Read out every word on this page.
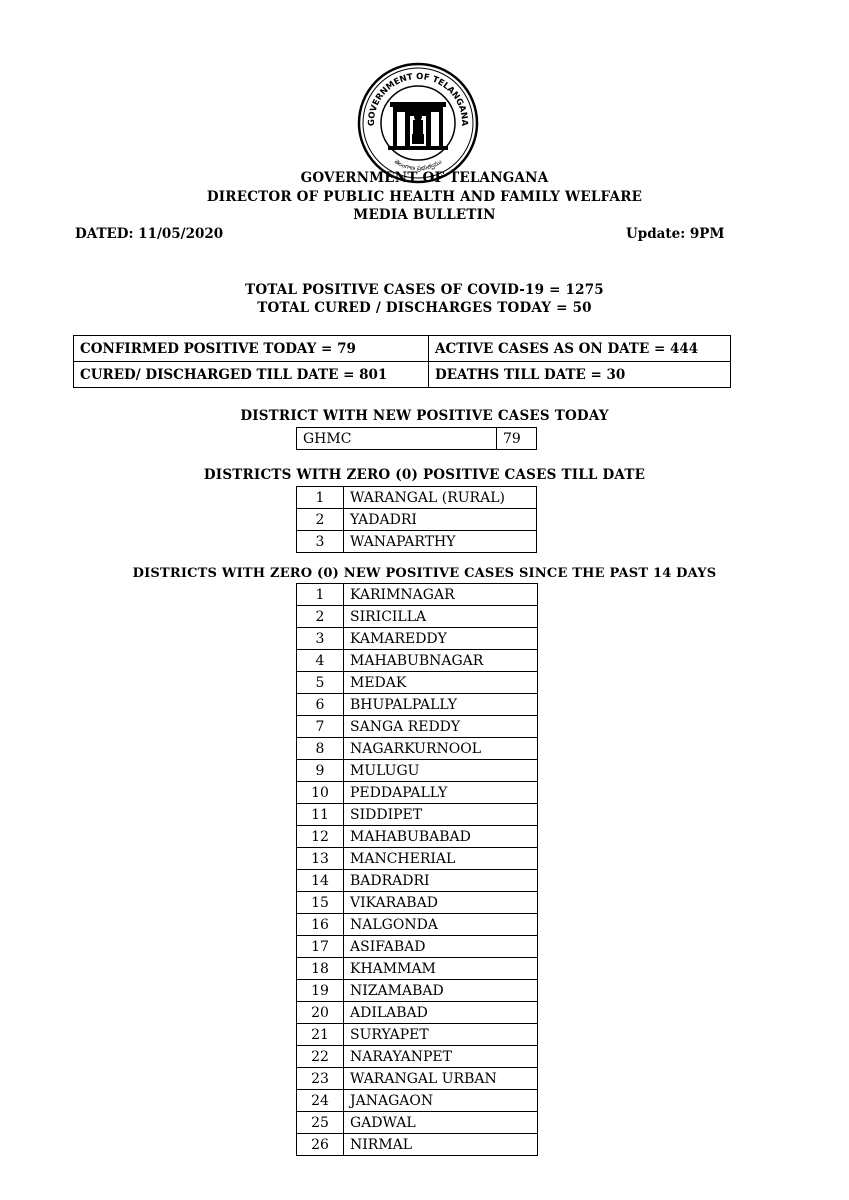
GOVERNMENT OF TELANGANA
తెలంగాణ ప్రభుత్వము
GOVERNMENT OF TELANGANA
DIRECTOR OF PUBLIC HEALTH AND FAMILY WELFARE
MEDIA BULLETIN
DATED: 11/05/2020	Update: 9PM
TOTAL POSITIVE CASES OF COVID-19 = 1275
TOTAL CURED / DISCHARGES TODAY = 50
CONFIRMED POSITIVE TODAY = 79	ACTIVE CASES AS ON DATE = 444
CURED/ DISCHARGED TILL DATE = 801	DEATHS TILL DATE = 30
DISTRICT WITH NEW POSITIVE CASES TODAY
GHMC	79
DISTRICTS WITH ZERO (0) POSITIVE CASES TILL DATE
1	WARANGAL (RURAL)
2	YADADRI
3	WANAPARTHY
DISTRICTS WITH ZERO (0) NEW POSITIVE CASES SINCE THE PAST 14 DAYS
1	KARIMNAGAR
2	SIRICILLA
3	KAMAREDDY
4	MAHABUBNAGAR
5	MEDAK
6	BHUPALPALLY
7	SANGA REDDY
8	NAGARKURNOOL
9	MULUGU
10	PEDDAPALLY
11	SIDDIPET
12	MAHABUBABAD
13	MANCHERIAL
14	BADRADRI
15	VIKARABAD
16	NALGONDA
17	ASIFABAD
18	KHAMMAM
19	NIZAMABAD
20	ADILABAD
21	SURYAPET
22	NARAYANPET
23	WARANGAL URBAN
24	JANAGAON
25	GADWAL
26	NIRMAL
